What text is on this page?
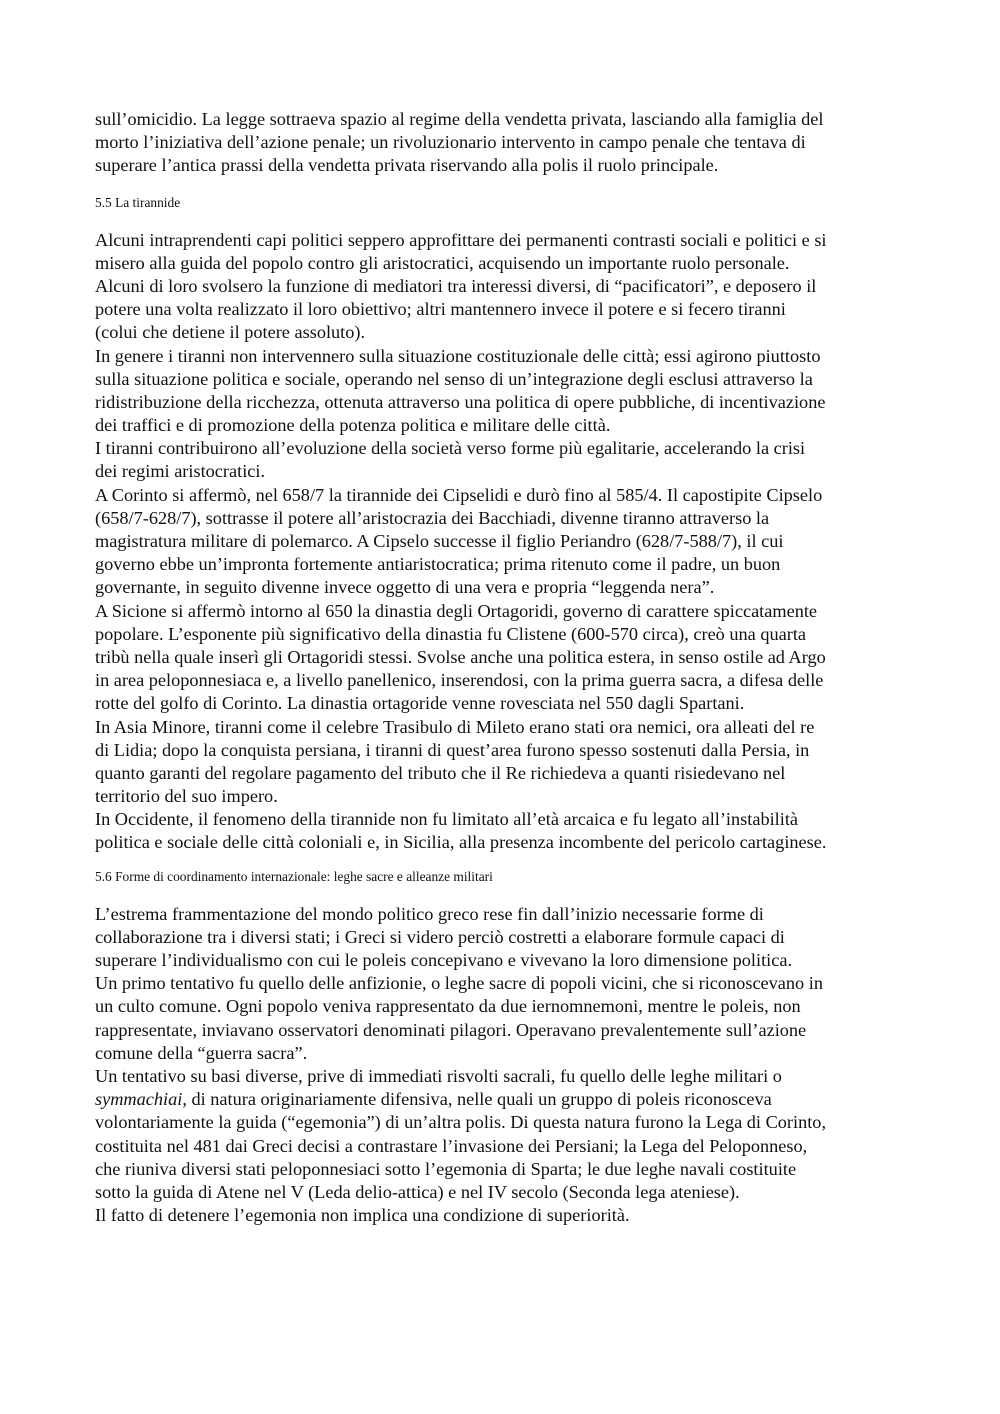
sull’omicidio. La legge sottraeva spazio al regime della vendetta privata, lasciando alla famiglia del
morto l’iniziativa dell’azione penale; un rivoluzionario intervento in campo penale che tentava di
superare l’antica prassi della vendetta privata riservando alla polis il ruolo principale.
5.5 La tirannide
Alcuni intraprendenti capi politici seppero approfittare dei permanenti contrasti sociali e politici e si
misero alla guida del popolo contro gli aristocratici, acquisendo un importante ruolo personale.
Alcuni di loro svolsero la funzione di mediatori tra interessi diversi, di “pacificatori”, e deposero il
potere una volta realizzato il loro obiettivo; altri mantennero invece il potere e si fecero tiranni
(colui che detiene il potere assoluto).
In genere i tiranni non intervennero sulla situazione costituzionale delle città; essi agirono piuttosto
sulla situazione politica e sociale, operando nel senso di un’integrazione degli esclusi attraverso la
ridistribuzione della ricchezza, ottenuta attraverso una politica di opere pubbliche, di incentivazione
dei traffici e di promozione della potenza politica e militare delle città.
I tiranni contribuirono all’evoluzione della società verso forme più egalitarie, accelerando la crisi
dei regimi aristocratici.
A Corinto si affermò, nel 658/7 la tirannide dei Cipselidi e durò fino al 585/4. Il capostipite Cipselo
(658/7-628/7), sottrasse il potere all’aristocrazia dei Bacchiadi, divenne tiranno attraverso la
magistratura militare di polemarco. A Cipselo successe il figlio Periandro (628/7-588/7), il cui
governo ebbe un’impronta fortemente antiaristocratica; prima ritenuto come il padre, un buon
governante, in seguito divenne invece oggetto di una vera e propria “leggenda nera”.
A Sicione si affermò intorno al 650 la dinastia degli Ortagoridi, governo di carattere spiccatamente
popolare. L’esponente più significativo della dinastia fu Clistene (600-570 circa), creò una quarta
tribù nella quale inserì gli Ortagoridi stessi. Svolse anche una politica estera, in senso ostile ad Argo
in area peloponnesiaca e, a livello panellenico, inserendosi, con la prima guerra sacra, a difesa delle
rotte del golfo di Corinto. La dinastia ortagoride venne rovesciata nel 550 dagli Spartani.
In Asia Minore, tiranni come il celebre Trasibulo di Mileto erano stati ora nemici, ora alleati del re
di Lidia; dopo la conquista persiana, i tiranni di quest’area furono spesso sostenuti dalla Persia, in
quanto garanti del regolare pagamento del tributo che il Re richiedeva a quanti risiedevano nel
territorio del suo impero.
In Occidente, il fenomeno della tirannide non fu limitato all’età arcaica e fu legato all’instabilità
politica e sociale delle città coloniali e, in Sicilia, alla presenza incombente del pericolo cartaginese.
5.6 Forme di coordinamento internazionale: leghe sacre e alleanze militari
L’estrema frammentazione del mondo politico greco rese fin dall’inizio necessarie forme di
collaborazione tra i diversi stati; i Greci si videro perciò costretti a elaborare formule capaci di
superare l’individualismo con cui le poleis concepivano e vivevano la loro dimensione politica.
Un primo tentativo fu quello delle anfizionie, o leghe sacre di popoli vicini, che si riconoscevano in
un culto comune. Ogni popolo veniva rappresentato da due iernomnemoni, mentre le poleis, non
rappresentate, inviavano osservatori denominati pilagori. Operavano prevalentemente sull’azione
comune della “guerra sacra”.
Un tentativo su basi diverse, prive di immediati risvolti sacrali, fu quello delle leghe militari o
symmachiai, di natura originariamente difensiva, nelle quali un gruppo di poleis riconosceva
volontariamente la guida (“egemonia”) di un’altra polis. Di questa natura furono la Lega di Corinto,
costituita nel 481 dai Greci decisi a contrastare l’invasione dei Persiani; la Lega del Peloponneso,
che riuniva diversi stati peloponnesiaci sotto l’egemonia di Sparta; le due leghe navali costituite
sotto la guida di Atene nel V (Leda delio-attica) e nel IV secolo (Seconda lega ateniese).
Il fatto di detenere l’egemonia non implica una condizione di superiorità.
